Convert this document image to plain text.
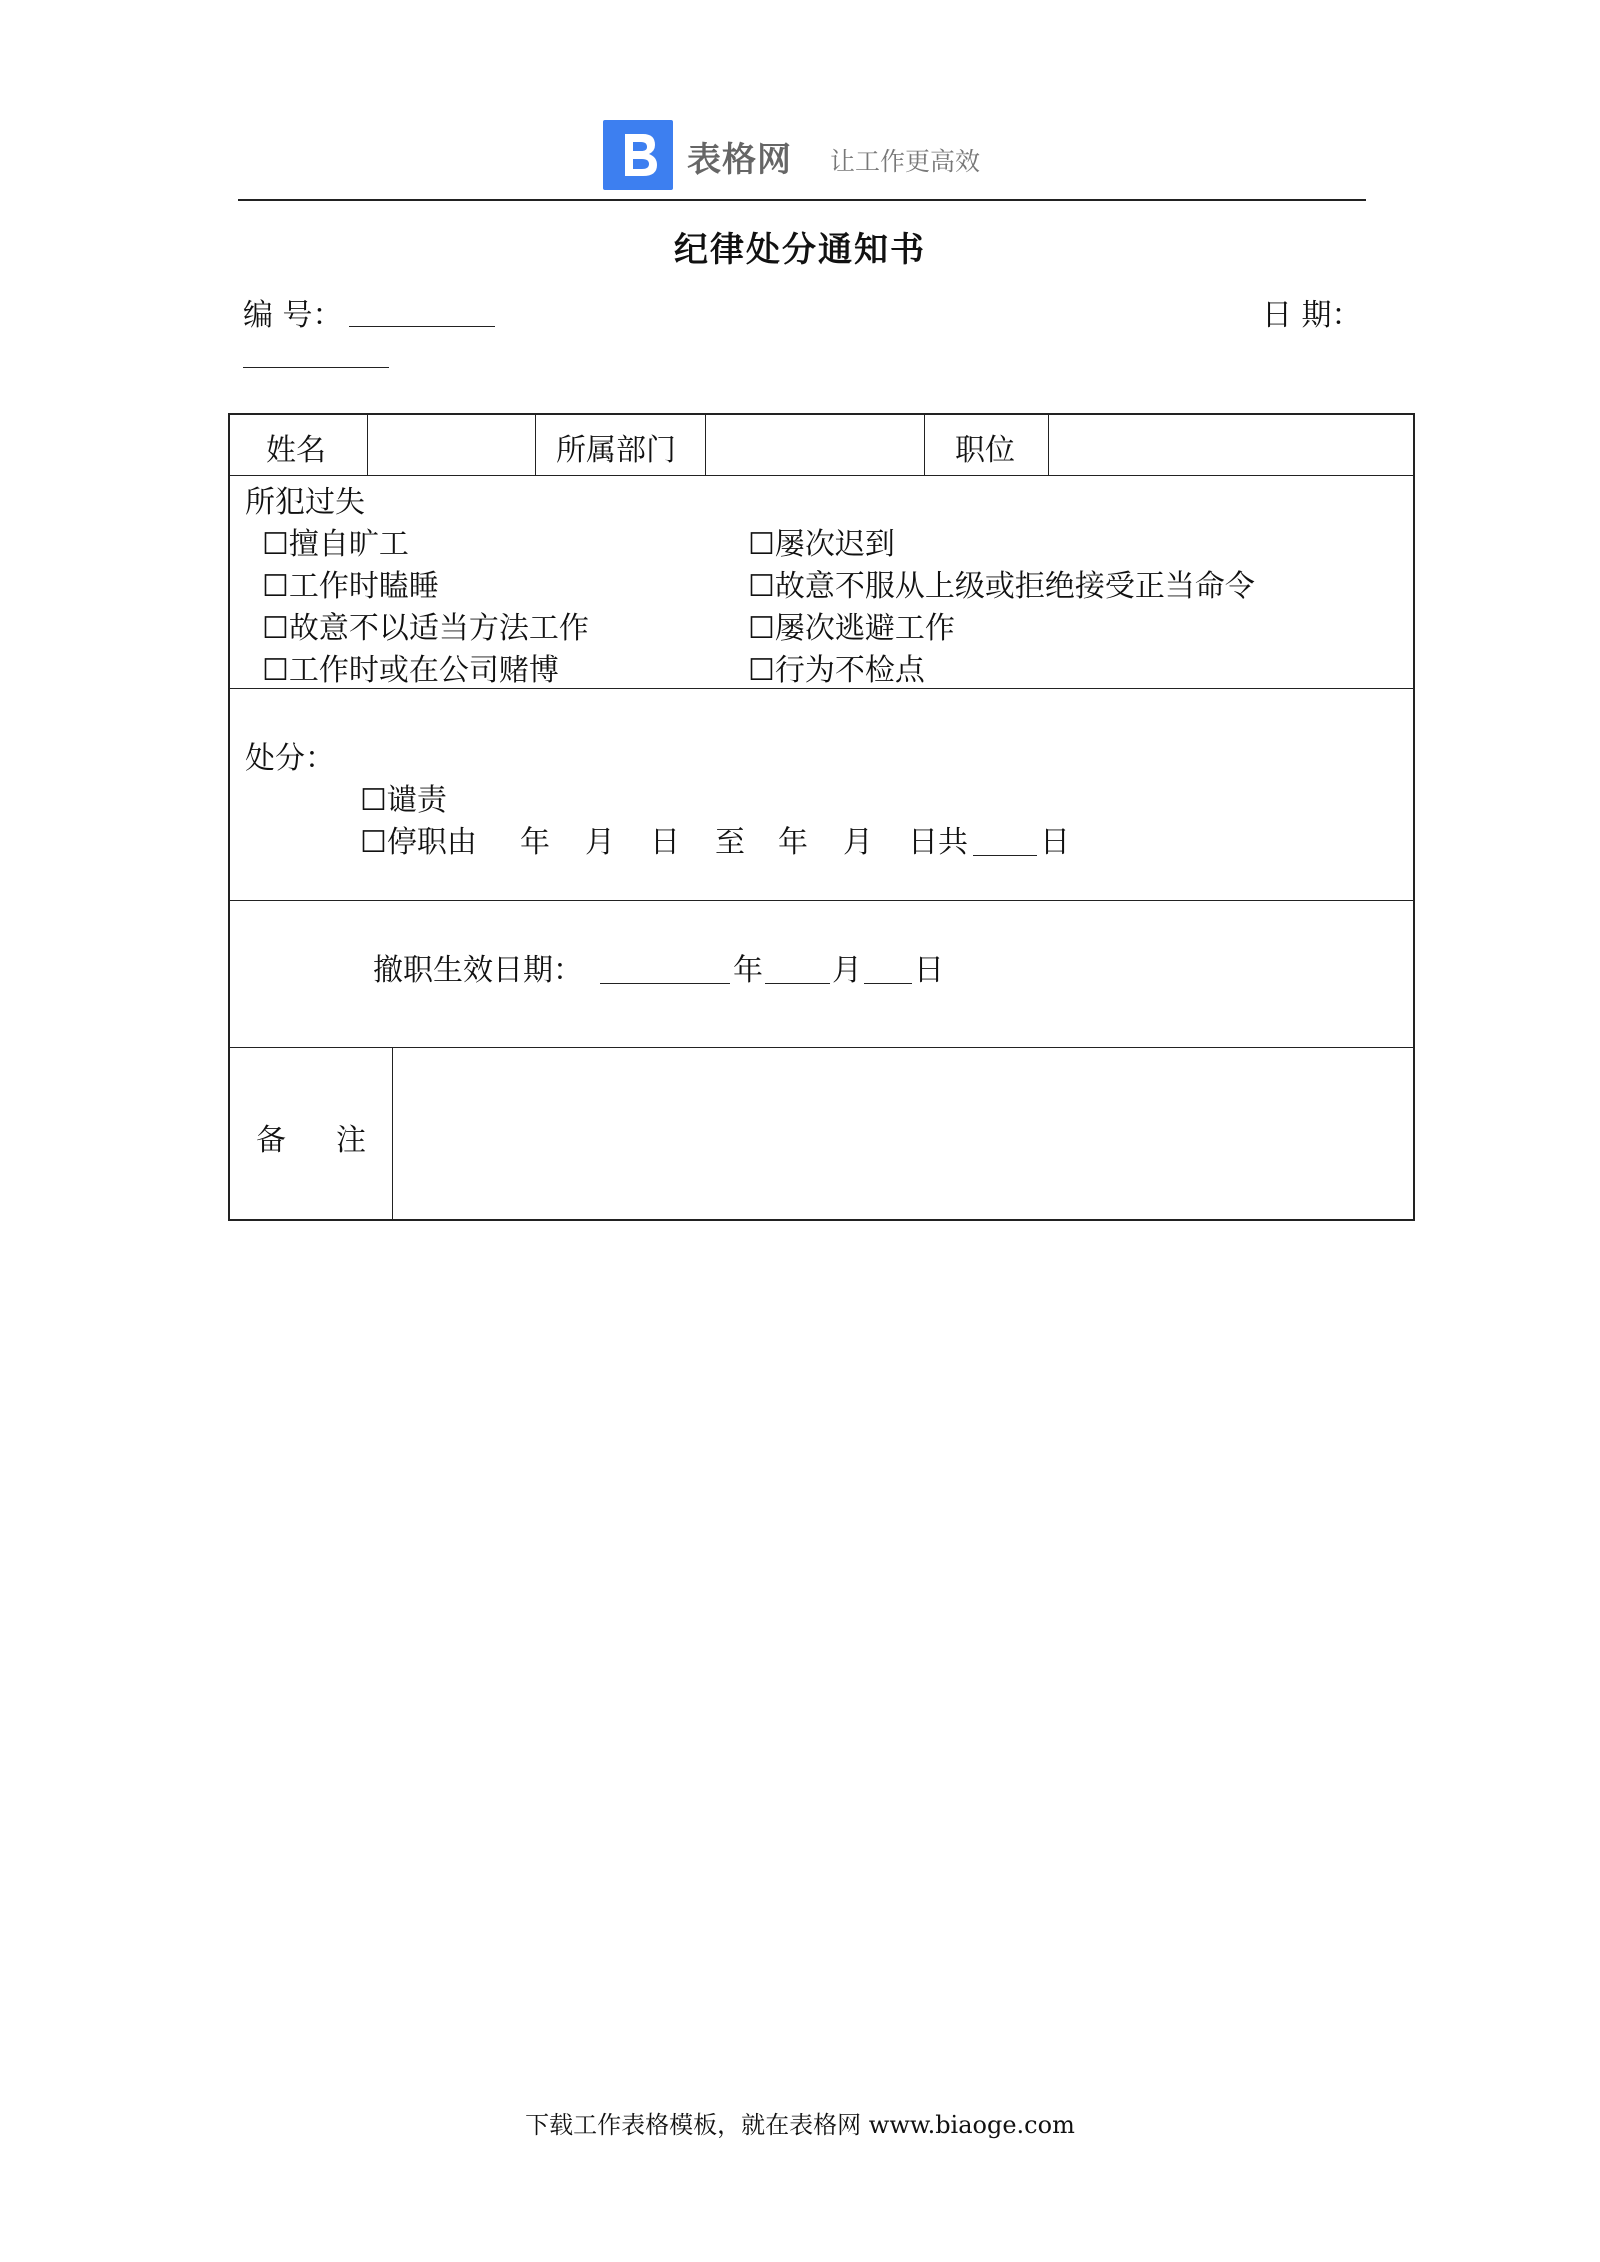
表格网 让工作更高效
纪律处分通知书
编 号：	日 期：
姓名	所属部门	职位
所犯过失
☐擅自旷工	☐屡次迟到
☐工作时瞌睡	☐故意不服从上级或拒绝接受正当命令
☐故意不以适当方法工作	☐屡次逃避工作
☐工作时或在公司赌博	☐行为不检点
处分：
☐谴责
☐停职由 年 月 日 至 年 月 日共 日
撤职生效日期：	年 月 日
备 注
下载工作表格模板，就在表格网 www.biaoge.com
